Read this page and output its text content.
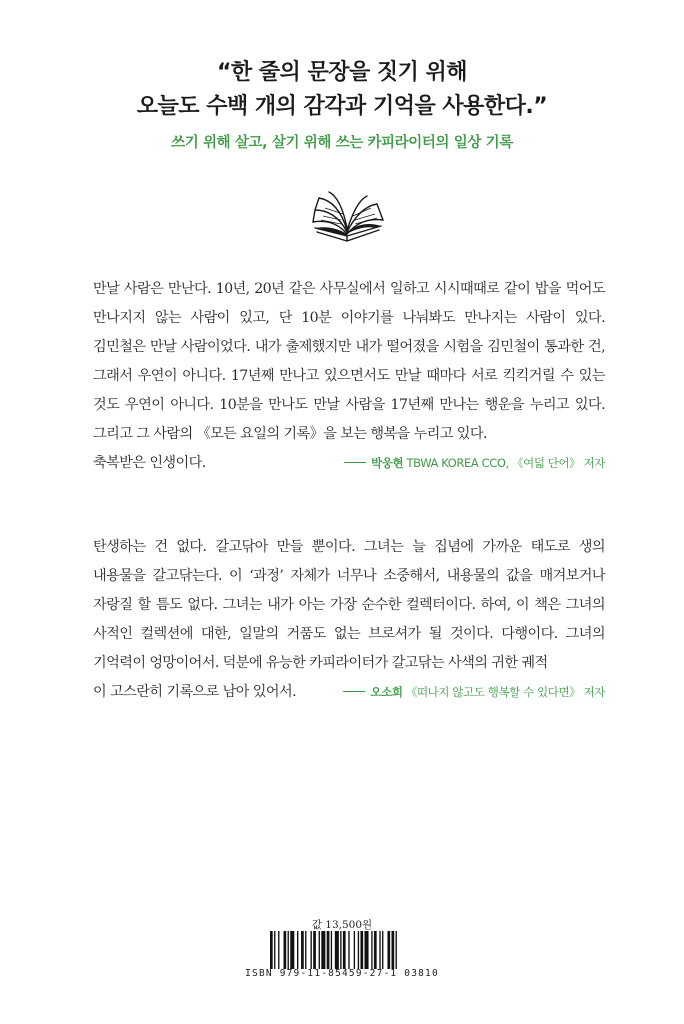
“한 줄의 문장을 짓기 위해
오늘도 수백 개의 감각과 기억을 사용한다.”
쓰기 위해 살고, 살기 위해 쓰는 카피라이터의 일상 기록
만날 사람은 만난다. 10년, 20년 같은 사무실에서 일하고 시시때때로 같이 밥을 먹어도 만나지지 않는 사람이 있고, 단 10분 이야기를 나눠봐도 만나지는 사람이 있다. 김민철은 만날 사람이었다. 내가 출제했지만 내가 떨어졌을 시험을 김민철이 통과한 건, 그래서 우연이 아니다. 17년째 만나고 있으면서도 만날 때마다 서로 킥킥거릴 수 있는 것도 우연이 아니다. 10분을 만나도 만날 사람을 17년째 만나는 행운을 누리고 있다. 그리고 그 사람의 《모든 요일의 기록》을 보는 행복을 누리고 있다.
축복받은 인생이다.	박웅현 TBWA KOREA CCO, 《여덟 단어》 저자
탄생하는 건 없다. 갈고닦아 만들 뿐이다. 그녀는 늘 집념에 가까운 태도로 생의 내용물을 갈고닦는다. 이 ‘과정’ 자체가 너무나 소중해서, 내용물의 값을 매겨보거나 자랑질 할 틈도 없다. 그녀는 내가 아는 가장 순수한 컬렉터이다. 하여, 이 책은 그녀의 사적인 컬렉션에 대한, 일말의 거품도 없는 브로셔가 될 것이다. 다행이다. 그녀의 기억력이 엉망이어서. 덕분에 유능한 카피라이터가 갈고닦는 사색의 귀한 궤적
이 고스란히 기록으로 남아 있어서.	오소희 《떠나지 않고도 행복할 수 있다면》 저자
값 13,500원
ISBN 979-11-85459-27-1 03810
